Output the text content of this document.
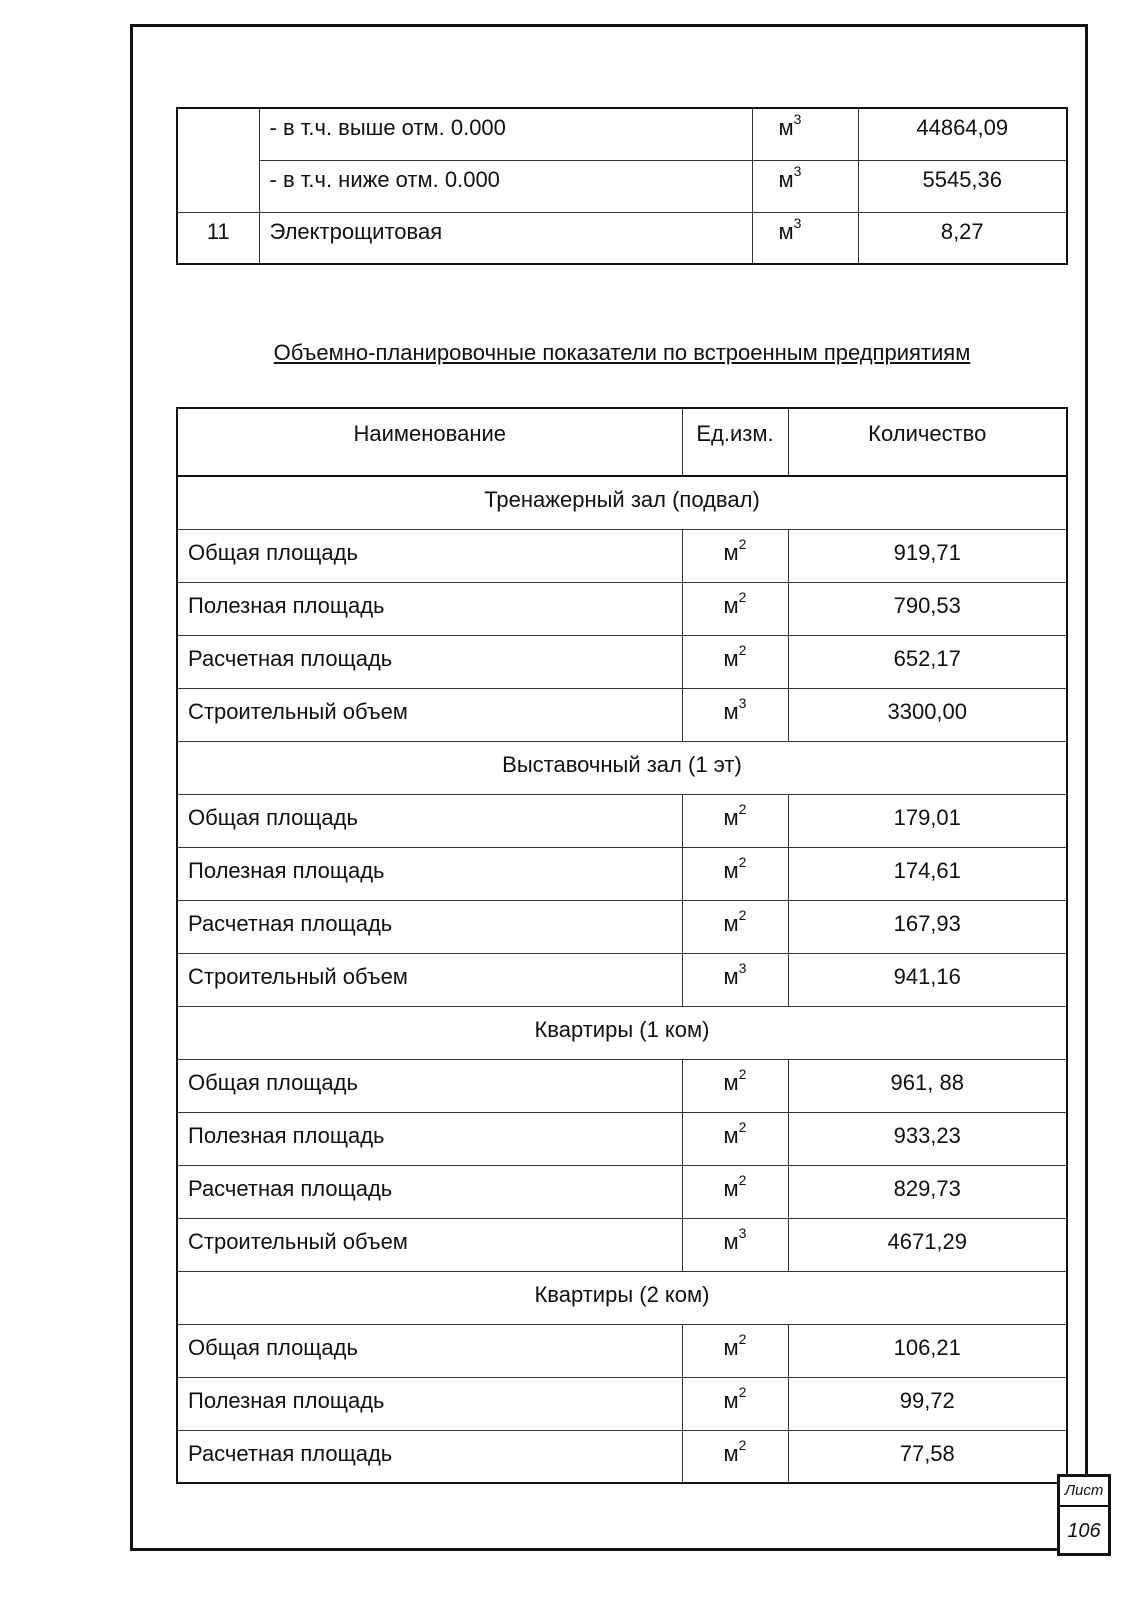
	- в т.ч. выше отм. 0.000	$м^3$	44864,09
	- в т.ч. ниже отм. 0.000	$м^3$	5545,36
11	Электрощитовая	$м^3$	8,27
Объемно-планировочные показатели по встроенным предприятиям
Наименование	Ед.изм.	Количество
Тренажерный зал (подвал)		
Общая площадь	$м^2$	919,71
Полезная площадь	$м^2$	790,53
Расчетная площадь	$м^2$	652,17
Строительный объем	$м^3$	3300,00
Выставочный зал (1 эт)		
Общая площадь	$м^2$	179,01
Полезная площадь	$м^2$	174,61
Расчетная площадь	$м^2$	167,93
Строительный объем	$м^3$	941,16
Квартиры (1 ком)		
Общая площадь	$м^2$	961, 88
Полезная площадь	$м^2$	933,23
Расчетная площадь	$м^2$	829,73
Строительный объем	$м^3$	4671,29
Квартиры (2 ком)		
Общая площадь	$м^2$	106,21
Полезная площадь	$м^2$	99,72
Расчетная площадь	$м^2$	77,58
Лист
106
